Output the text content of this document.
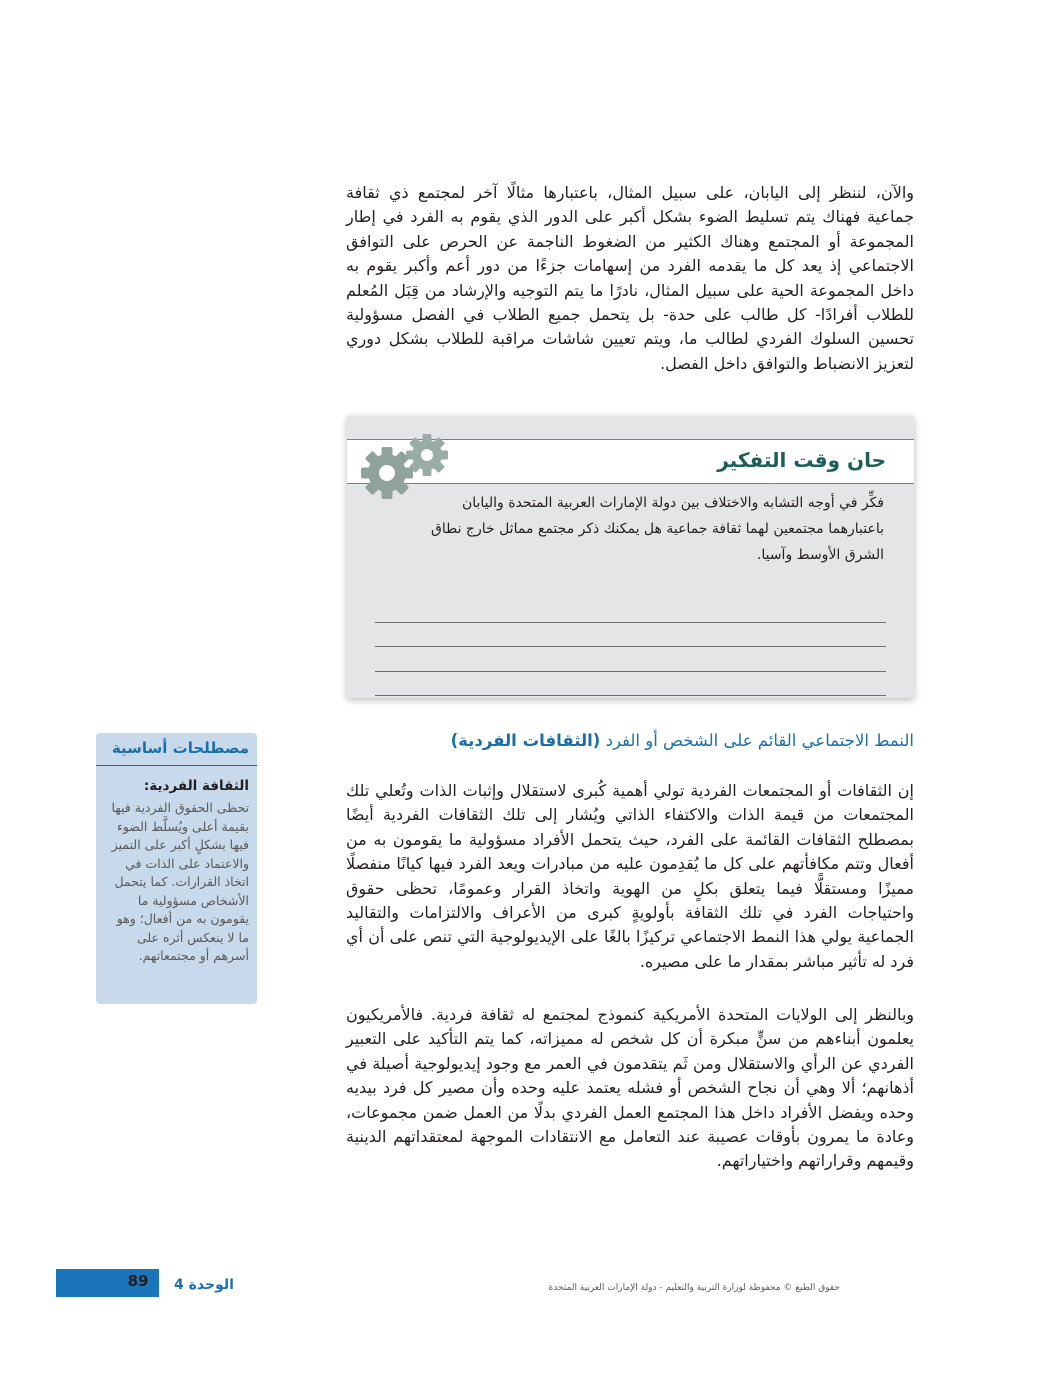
والآن، لننظر إلى اليابان، على سبيل المثال، باعتبارها مثالًا آخر لمجتمع ذي ثقافة جماعية فهناك يتم تسليط الضوء بشكل أكبر على الدور الذي يقوم به الفرد في إطار المجموعة أو المجتمع وهناك الكثير من الضغوط الناجمة عن الحرص على التوافق الاجتماعي إذ يعد كل ما يقدمه الفرد من إسهامات جزءًا من دور أعم وأكبر يقوم به داخل المجموعة الحية على سبيل المثال، نادرًا ما يتم التوجيه والإرشاد من قِبَل المُعلم للطلاب أفرادًا- كل طالب على حدة- بل يتحمل جميع الطلاب في الفصل مسؤولية تحسين السلوك الفردي لطالب ما، ويتم تعيين شاشات مراقبة للطلاب بشكل دوري لتعزيز الانضباط والتوافق داخل الفصل.

حان وقت التفكير

فكِّر في أوجه التشابه والاختلاف بين دولة الإمارات العربية المتحدة واليابان باعتبارهما مجتمعين لهما ثقافة جماعية هل يمكنك ذكر مجتمع مماثل خارج نطاق الشرق الأوسط وآسيا.

النمط الاجتماعي القائم على الشخص أو الفرد (الثقافات الفردية)

إن الثقافات أو المجتمعات الفردية تولي أهمية كُبرى لاستقلال وإثبات الذات وتُعلي تلك المجتمعات من قيمة الذات والاكتفاء الذاتي ويُشار إلى تلك الثقافات الفردية أيضًا بمصطلح الثقافات القائمة على الفرد، حيث يتحمل الأفراد مسؤولية ما يقومون به من أفعال وتتم مكافأتهم على كل ما يُقدِمون عليه من مبادرات ويعد الفرد فيها كيانًا منفصلًا مميزًا ومستقلًّا فيما يتعلق بكلٍ من الهوية واتخاذ القرار وعمومًا، تحظى حقوق واحتياجات الفرد في تلك الثقافة بأولويةٍ كبرى من الأعراف والالتزامات والتقاليد الجماعية يولي هذا النمط الاجتماعي تركيزًا بالغًا على الإيديولوجية التي تنص على أن أي فرد له تأثير مباشر بمقدار ما على مصيره.

وبالنظر إلى الولايات المتحدة الأمريكية كنموذج لمجتمع له ثقافة فردية. فالأمريكيون يعلمون أبناءهم من سنٍّ مبكرة أن كل شخص له مميزاته، كما يتم التأكيد على التعبير الفردي عن الرأي والاستقلال ومن ثَم يتقدمون في العمر مع وجود إيديولوجية أصيلة في أذهانهم؛ ألا وهي أن نجاح الشخص أو فشله يعتمد عليه وحده وأن مصير كل فرد بيديه وحده ويفضل الأفراد داخل هذا المجتمع العمل الفردي بدلًا من العمل ضمن مجموعات، وعادة ما يمرون بأوقات عصيبة عند التعامل مع الانتقادات الموجهة لمعتقداتهم الدينية وقيمهم وقراراتهم واختياراتهم.

مصطلحات أساسية
الثقافة الفردية:

تحظى الحقوق الفردية فيها بقيمة أعلى ويُسلَّط الضوء فيها بشكلٍ أكبر على التميز والاعتماد على الذات في اتخاذ القرارات. كما يتحمل الأشخاص مسؤولية ما يقومون به من أفعال؛ وهو ما لا ينعكس أثره على أسرهم أو مجتمعاتهم.

89	الوحدة 4	حقوق الطبع © محفوظة لوزارة التربية والتعليم - دولة الإمارات العربية المتحدة
